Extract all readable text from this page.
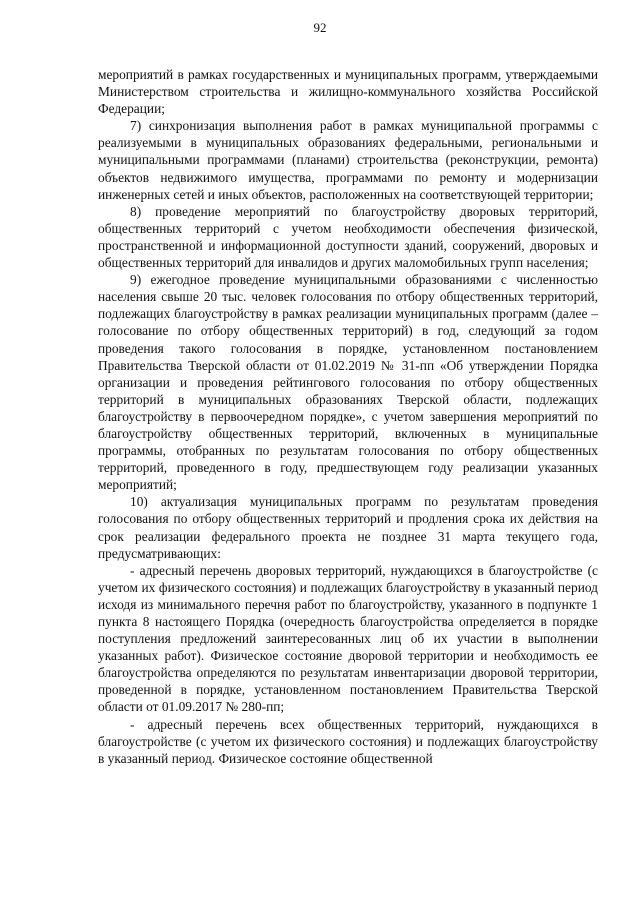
92

мероприятий в рамках государственных и муниципальных программ, утверждаемыми Министерством строительства и жилищно-коммунального хозяйства Российской Федерации;

7) синхронизация выполнения работ в рамках муниципальной программы с реализуемыми в муниципальных образованиях федеральными, региональными и муниципальными программами (планами) строительства (реконструкции, ремонта) объектов недвижимого имущества, программами по ремонту и модернизации инженерных сетей и иных объектов, расположенных на соответствующей территории;

8) проведение мероприятий по благоустройству дворовых территорий, общественных территорий с учетом необходимости обеспечения физической, пространственной и информационной доступности зданий, сооружений, дворовых и общественных территорий для инвалидов и других маломобильных групп населения;

9) ежегодное проведение муниципальными образованиями с численностью населения свыше 20 тыс. человек голосования по отбору общественных территорий, подлежащих благоустройству в рамках реализации муниципальных программ (далее – голосование по отбору общественных территорий) в год, следующий за годом проведения такого голосования в порядке, установленном постановлением Правительства Тверской области от 01.02.2019 № 31-пп «Об утверждении Порядка организации и проведения рейтингового голосования по отбору общественных территорий в муниципальных образованиях Тверской области, подлежащих благоустройству в первоочередном порядке», с учетом завершения мероприятий по благоустройству общественных территорий, включенных в муниципальные программы, отобранных по результатам голосования по отбору общественных территорий, проведенного в году, предшествующем году реализации указанных мероприятий;

10) актуализация муниципальных программ по результатам проведения голосования по отбору общественных территорий и продления срока их действия на срок реализации федерального проекта не позднее 31 марта текущего года, предусматривающих:

- адресный перечень дворовых территорий, нуждающихся в благоустройстве (с учетом их физического состояния) и подлежащих благоустройству в указанный период исходя из минимального перечня работ по благоустройству, указанного в подпункте 1 пункта 8 настоящего Порядка (очередность благоустройства определяется в порядке поступления предложений заинтересованных лиц об их участии в выполнении указанных работ). Физическое состояние дворовой территории и необходимость ее благоустройства определяются по результатам инвентаризации дворовой территории, проведенной в порядке, установленном постановлением Правительства Тверской области от 01.09.2017 № 280-пп;

- адресный перечень всех общественных территорий, нуждающихся в благоустройстве (с учетом их физического состояния) и подлежащих благоустройству в указанный период. Физическое состояние общественной
